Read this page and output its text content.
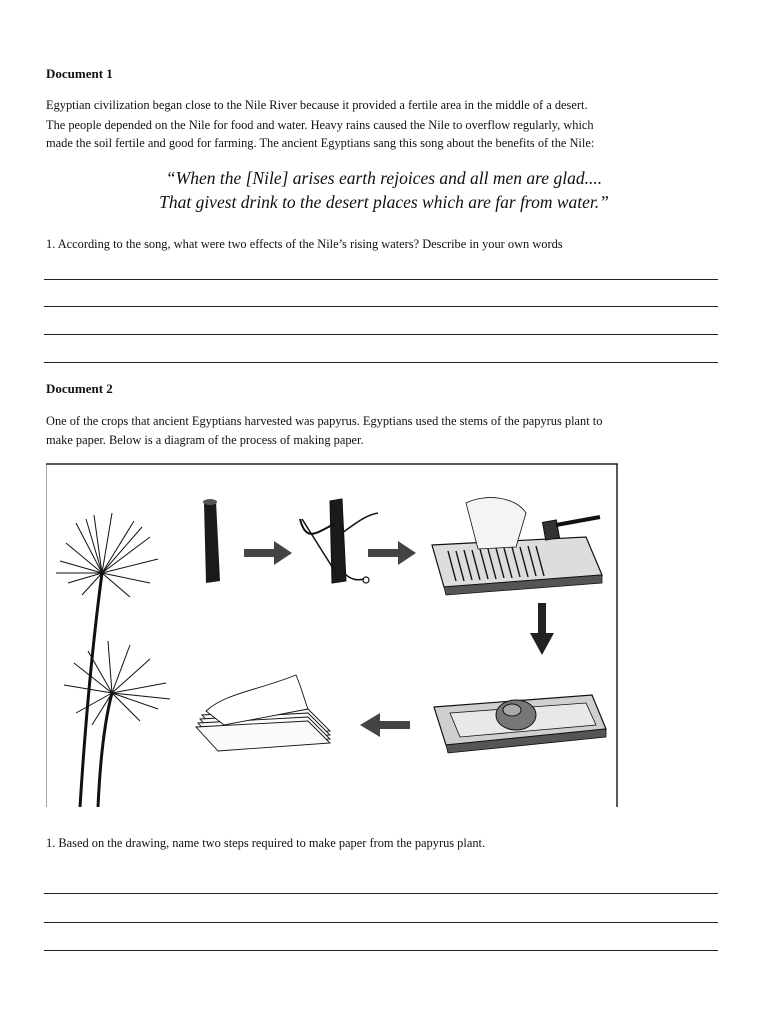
Document 1
Egyptian civilization began close to the Nile River because it provided a fertile area in the middle of a desert.
The people depended on the Nile for food and water. Heavy rains caused the Nile to overflow regularly, which
made the soil fertile and good for farming. The ancient Egyptians sang this song about the benefits of the Nile:
“When the [Nile] arises earth rejoices and all men are glad....
That givest drink to the desert places which are far from water.”
1. According to the song, what were two effects of the Nile’s rising waters? Describe in your own words
Document 2
One of the crops that ancient Egyptians harvested was papyrus. Egyptians used the stems of the papyrus plant to
make paper. Below is a diagram of the process of making paper.
1. Based on the drawing, name two steps required to make paper from the papyrus plant.
